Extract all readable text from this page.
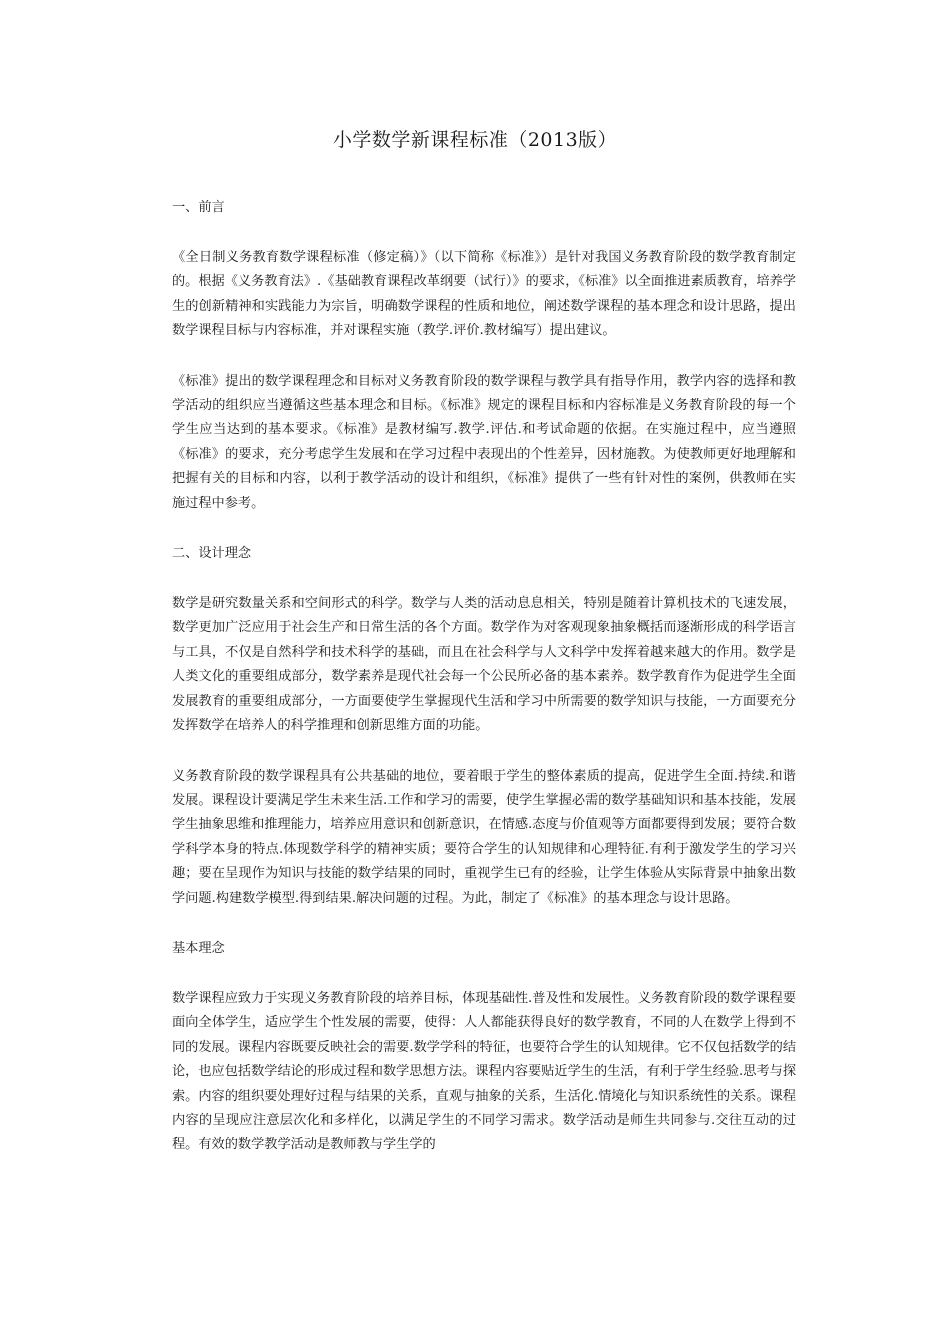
小学数学新课程标准（2013版）

一、前言

《全日制义务教育数学课程标准（修定稿）》（以下简称《标准》）是针对我国义务教育阶段的数学教育制定的。根据《义务教育法》.《基础教育课程改革纲要（试行）》的要求，《标准》以全面推进素质教育，培养学生的创新精神和实践能力为宗旨，明确数学课程的性质和地位，阐述数学课程的基本理念和设计思路，提出数学课程目标与内容标准，并对课程实施（教学.评价.教材编写）提出建议。

《标准》提出的数学课程理念和目标对义务教育阶段的数学课程与教学具有指导作用，教学内容的选择和教学活动的组织应当遵循这些基本理念和目标。《标准》规定的课程目标和内容标准是义务教育阶段的每一个学生应当达到的基本要求。《标准》是教材编写.教学.评估.和考试命题的依据。在实施过程中，应当遵照《标准》的要求，充分考虑学生发展和在学习过程中表现出的个性差异，因材施教。为使教师更好地理解和把握有关的目标和内容，以利于教学活动的设计和组织，《标准》提供了一些有针对性的案例，供教师在实施过程中参考。

二、设计理念

数学是研究数量关系和空间形式的科学。数学与人类的活动息息相关，特别是随着计算机技术的飞速发展，数学更加广泛应用于社会生产和日常生活的各个方面。数学作为对客观现象抽象概括而逐渐形成的科学语言与工具，不仅是自然科学和技术科学的基础，而且在社会科学与人文科学中发挥着越来越大的作用。数学是人类文化的重要组成部分，数学素养是现代社会每一个公民所必备的基本素养。数学教育作为促进学生全面发展教育的重要组成部分，一方面要使学生掌握现代生活和学习中所需要的数学知识与技能，一方面要充分发挥数学在培养人的科学推理和创新思维方面的功能。

义务教育阶段的数学课程具有公共基础的地位，要着眼于学生的整体素质的提高，促进学生全面.持续.和谐发展。课程设计要满足学生未来生活.工作和学习的需要，使学生掌握必需的数学基础知识和基本技能，发展学生抽象思维和推理能力，培养应用意识和创新意识，在情感.态度与价值观等方面都要得到发展；要符合数学科学本身的特点.体现数学科学的精神实质；要符合学生的认知规律和心理特征.有利于激发学生的学习兴趣；要在呈现作为知识与技能的数学结果的同时，重视学生已有的经验，让学生体验从实际背景中抽象出数学问题.构建数学模型.得到结果.解决问题的过程。为此，制定了《标准》的基本理念与设计思路。

基本理念

数学课程应致力于实现义务教育阶段的培养目标，体现基础性.普及性和发展性。义务教育阶段的数学课程要面向全体学生，适应学生个性发展的需要，使得：人人都能获得良好的数学教育，不同的人在数学上得到不同的发展。课程内容既要反映社会的需要.数学学科的特征，也要符合学生的认知规律。它不仅包括数学的结论，也应包括数学结论的形成过程和数学思想方法。课程内容要贴近学生的生活，有利于学生经验.思考与探索。内容的组织要处理好过程与结果的关系，直观与抽象的关系，生活化.情境化与知识系统性的关系。课程内容的呈现应注意层次化和多样化，以满足学生的不同学习需求。数学活动是师生共同参与.交往互动的过程。有效的数学教学活动是教师教与学生学的
